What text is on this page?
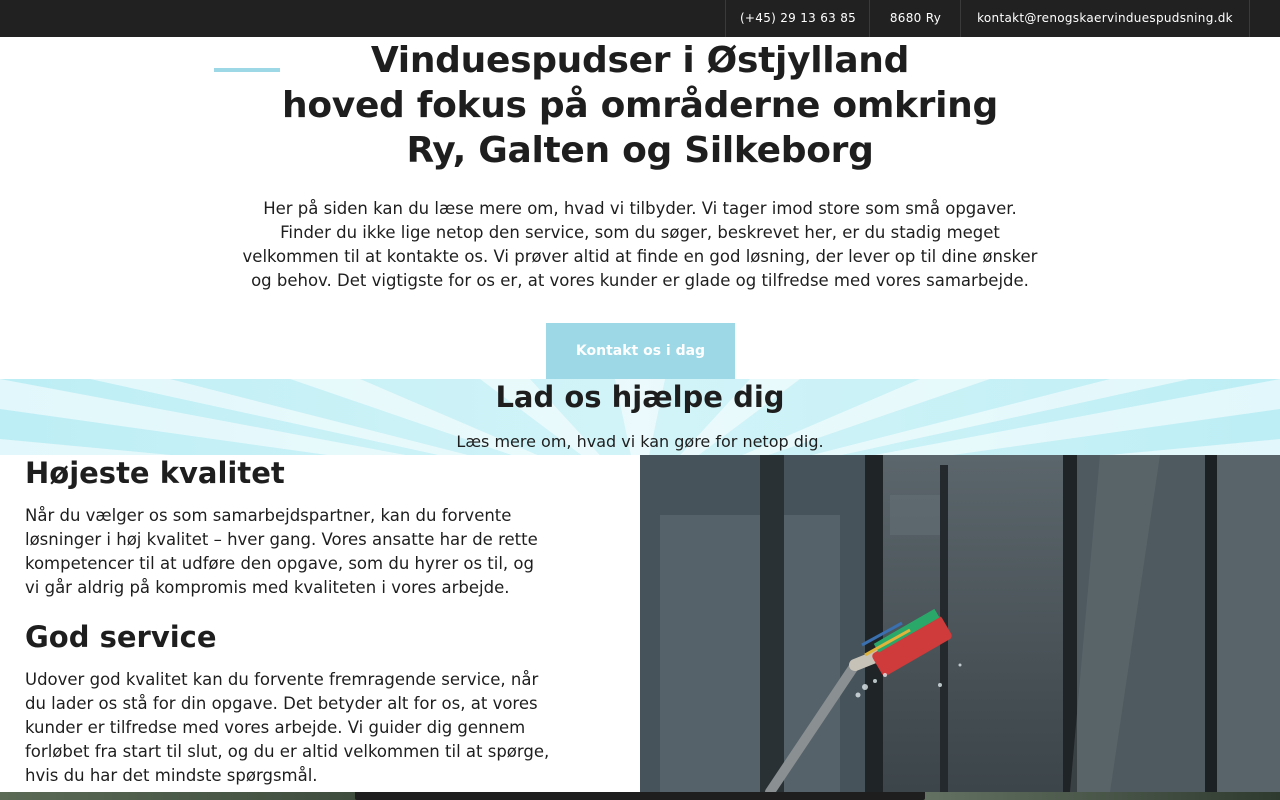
(+45) 29 13 63 85	8680 Ry	kontakt@renogskaervinduespudsning.dk
Vinduespudser i Østjylland
hoved fokus på områderne omkring
Ry, Galten og Silkeborg

Her på siden kan du læse mere om, hvad vi tilbyder. Vi tager imod store som små opgaver. Finder du ikke lige netop den service, som du søger, beskrevet her, er du stadig meget velkommen til at kontakte os. Vi prøver altid at finde en god løsning, der lever op til dine ønsker og behov. Det vigtigste for os er, at vores kunder er glade og tilfredse med vores samarbejde.

Kontakt os i dag
Lad os hjælpe dig

Læs mere om, hvad vi kan gøre for netop dig.

Højeste kvalitet

Når du vælger os som samarbejdspartner, kan du forvente løsninger i høj kvalitet – hver gang. Vores ansatte har de rette kompetencer til at udføre den opgave, som du hyrer os til, og vi går aldrig på kompromis med kvaliteten i vores arbejde.

God service

Udover god kvalitet kan du forvente fremragende service, når du lader os stå for din opgave. Det betyder alt for os, at vores kunder er tilfredse med vores arbejde. Vi guider dig gennem forløbet fra start til slut, og du er altid velkommen til at spørge, hvis du har det mindste spørgsmål.
